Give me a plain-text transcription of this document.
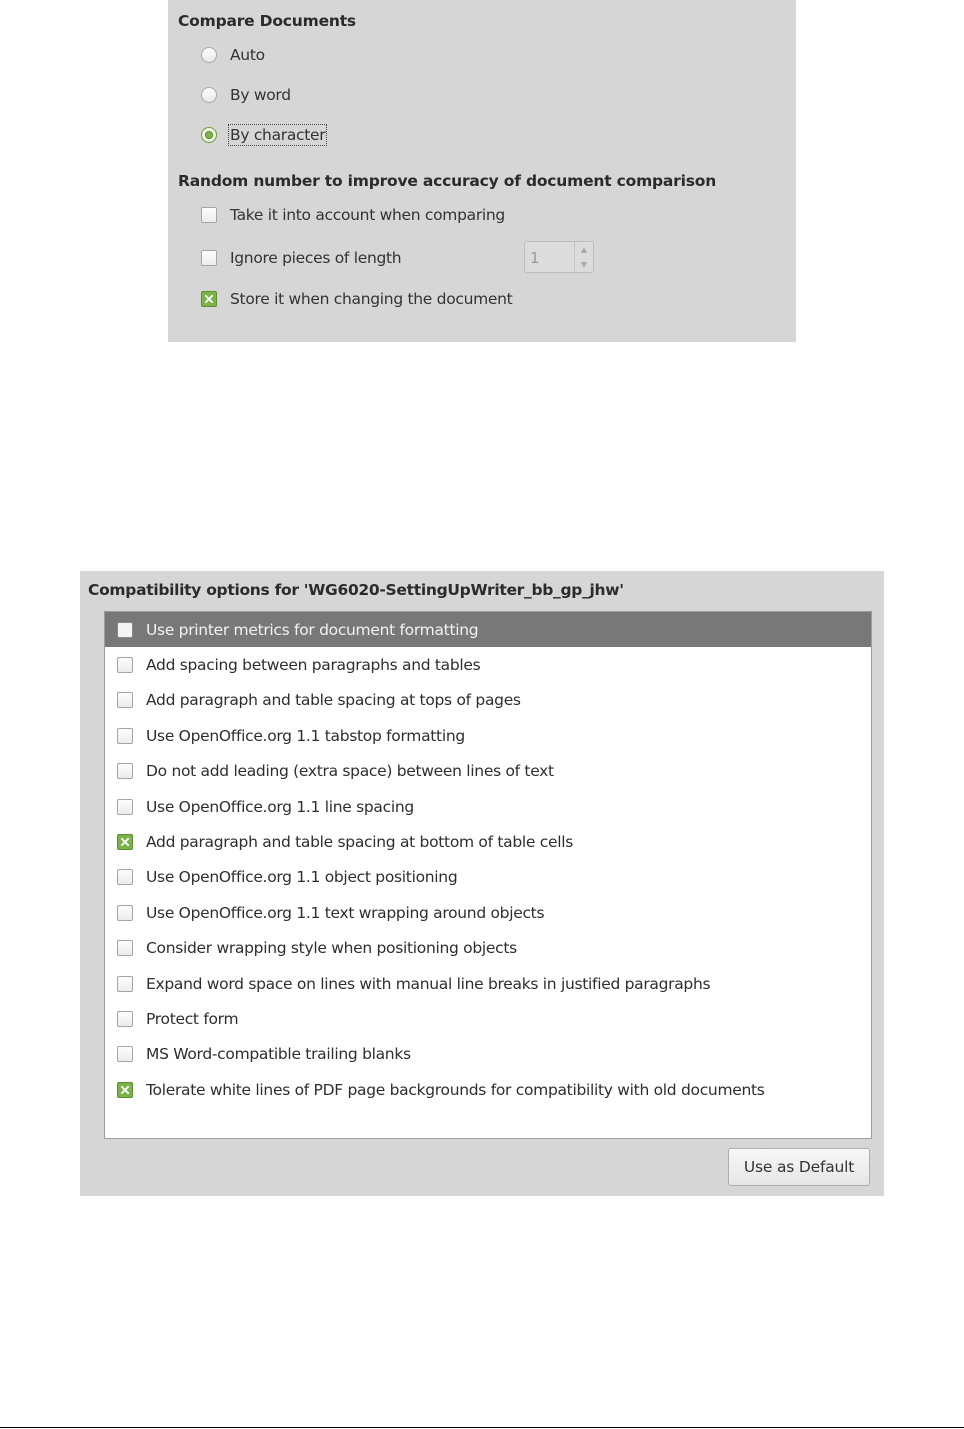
Compare Documents
Auto
By word
By character
Random number to improve accuracy of document comparison
Take it into account when comparing
Ignore pieces of length	1	▲
▼
Store it when changing the document
Compatibility options for 'WG6020-SettingUpWriter_bb_gp_jhw'
Use printer metrics for document formatting
Add spacing between paragraphs and tables
Add paragraph and table spacing at tops of pages
Use OpenOffice.org 1.1 tabstop formatting
Do not add leading (extra space) between lines of text
Use OpenOffice.org 1.1 line spacing
Add paragraph and table spacing at bottom of table cells
Use OpenOffice.org 1.1 object positioning
Use OpenOffice.org 1.1 text wrapping around objects
Consider wrapping style when positioning objects
Expand word space on lines with manual line breaks in justified paragraphs
Protect form
MS Word-compatible trailing blanks
Tolerate white lines of PDF page backgrounds for compatibility with old documents
Use as Default
